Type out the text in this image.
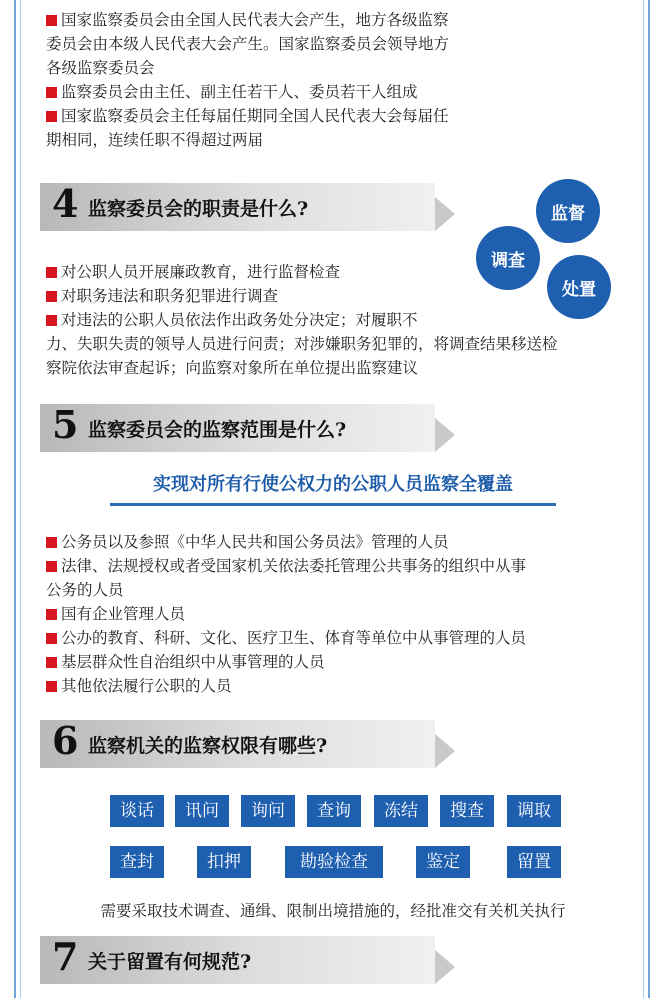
国家监察委员会由全国人民代表大会产生，地方各级监察
委员会由本级人民代表大会产生。国家监察委员会领导地方
各级监察委员会
监察委员会由主任、副主任若干人、委员若干人组成
国家监察委员会主任每届任期同全国人民代表大会每届任
期相同，连续任职不得超过两届
4 监察委员会的职责是什么?	监督
调查
处置
对公职人员开展廉政教育，进行监督检查
对职务违法和职务犯罪进行调查
对违法的公职人员依法作出政务处分决定；对履职不
力、失职失责的领导人员进行问责；对涉嫌职务犯罪的，将调查结果移送检
察院依法审查起诉；向监察对象所在单位提出监察建议
5 监察委员会的监察范围是什么?
实现对所有行使公权力的公职人员监察全覆盖
公务员以及参照《中华人民共和国公务员法》管理的人员
法律、法规授权或者受国家机关依法委托管理公共事务的组织中从事
公务的人员
国有企业管理人员
公办的教育、科研、文化、医疗卫生、体育等单位中从事管理的人员
基层群众性自治组织中从事管理的人员
其他依法履行公职的人员
6 监察机关的监察权限有哪些?
谈话	讯问	询问	查询	冻结	搜查	调取
查封	扣押	勘验检查	鉴定	留置
需要采取技术调查、通缉、限制出境措施的，经批准交有关机关执行
7 关于留置有何规范?
